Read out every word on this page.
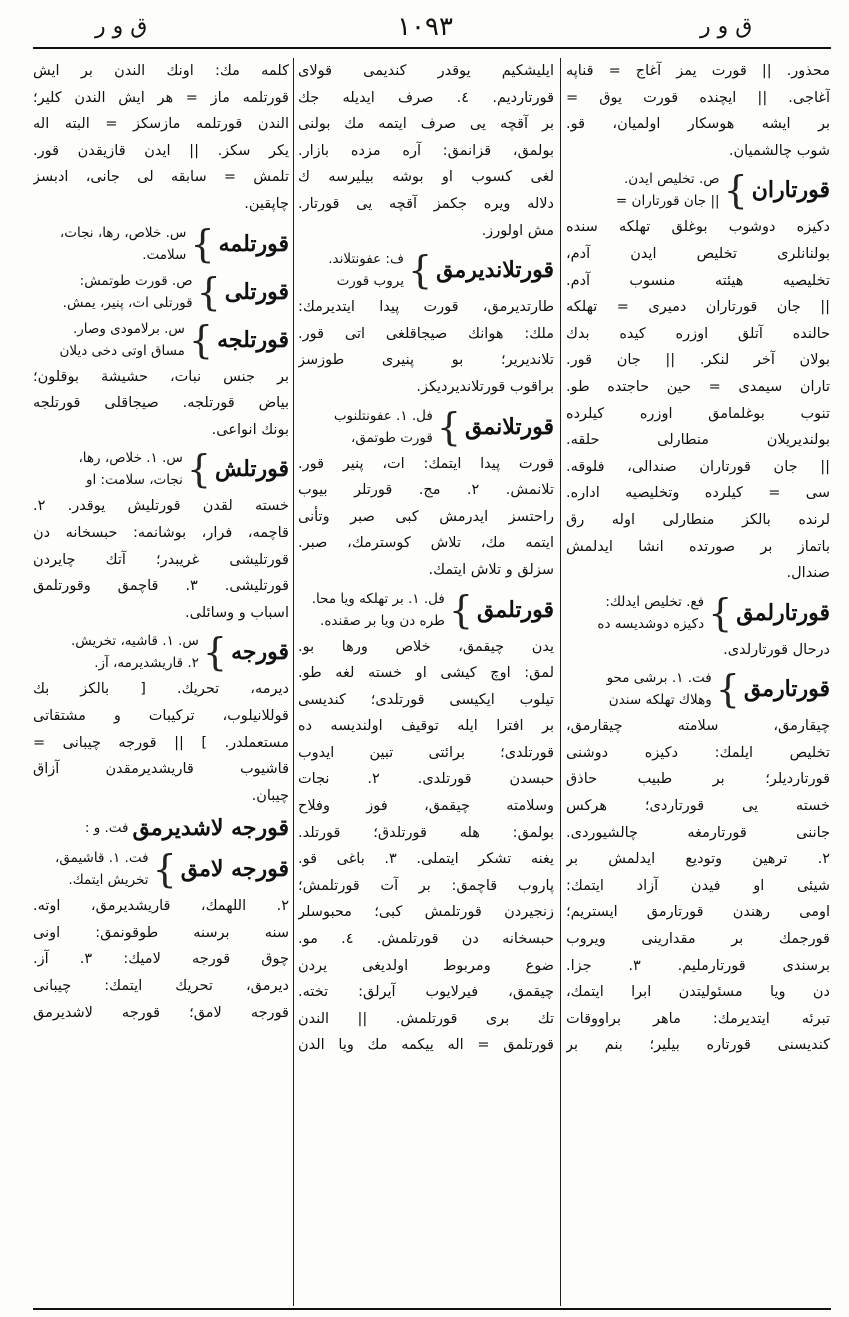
ق و ر	١٠٩٣	ق و ر
محذور. || قورت يمز آغاج = قناپه
آغاجى. || ايچنده قورت يوق =
بر ايشه هوسكار اولميان، قو.
شوب چالشميان.
قورتاران
}
ص. تخليص ايدن.
|| جان قورتاران =
دكيزه دوشوب بوغلق تهلكه سنده
بولنانلرى تخليص ايدن آدم،
تخليصيه هيئته منسوب آدم.
|| جان قورتاران دميرى = تهلكه
حالنده آتلق اوزره كيده بدك
بولان آخر لنكر. || جان قور.
تاران سيمدى = حين حاجتده طو.
تنوب بوغلمامق اوزره كيلرده
بولنديريلان منطارلى حلقه.
|| جان قورتاران صندالى، فلوقه.
سى = كيلرده وتخليصيه اداره.
لرنده بالكز منطارلى اوله رق
باتماز بر صورتده انشا ايدلمش
صندال.
قورتارلمق
}
فع. تخليص ايدلك:
دكيزه دوشديسه ده
درحال قورتارلدى.
قورتارمق
}
فت. ١. برشى محو
وهلاك تهلكه سندن
چيقارمق، سلامته چيقارمق،
تخليص ايلمك: دكيزه دوشنى
قورتارديلر؛ بر طبيب حاذق
خسته يى قورتاردى؛ هركس
جاننى قورتارمغه چالشيوردى.
٢. ترهين وتوديع ايدلمش بر
شيئى او فيدن آزاد ايتمك:
اومى رهندن قورتارمق ايستريم؛
قورجمك بر مقدارينى ويروب
برسندى قورتارمليم. ٣. جزا.
دن ويا مسئوليتدن ابرا ايتمك،
تبرئه ايتديرمك: ماهر براووقات
كنديسنى قورتاره بيلير؛ بنم بر
ايليشكيم يوقدر كنديمى قولاى
قورتارديم. ٤. صرف ايديله جك
بر آقچه يى صرف ايتمه مك بولنى
بولمق، قزانمق: آره مزده بازار.
لغى كسوب او بوشه بيليرسه ك
دلاله ويره جكمز آقچه يى قورتار.
مش اولورز.
قورتلانديرمق
}
ف: عفونتلاند.
يروب قورت
طارتديرمق، قورت پيدا ايتديرمك:
ملك: هوانك صيجاقلغى اتى قور.
تلانديرير؛ بو پنيرى طوزسز
براقوب قورتلانديرديكز.
قورتلانمق
}
فل. ١. عفونتلنوب
قورت طوتمق،
قورت پيدا ايتمك: ات، پنير قور.
تلانمش. ٢. مج. قورتلر بيوب
راحتسز ايدرمش كبى صبر وتأنى
ايتمه مك، تلاش كوسترمك، صبر.
سزلق و تلاش ايتمك.
قورتلمق
}
فل. ١. بر تهلكه ويا محا.
طره دن ويا بر صقنده.
يدن چيقمق، خلاص ورها بو.
لمق: اوچ كيشى او خسته لغه طو.
تيلوب ايكيسى قورتلدى؛ كنديسى
بر افترا ايله توقيف اولنديسه ده
قورتلدى؛ برائتى تبين ايدوب
حبسدن قورتلدى. ٢. نجات
وسلامته چيقمق، فوز وفلاح
بولمق: هله قورتلدق؛ قورتلد.
يغنه تشكر ايتملى. ٣. باغى قو.
پاروب قاچمق: بر آت قورتلمش؛
زنجيردن قورتلمش كبى؛ محبوسلر
حبسخانه دن قورتلمش. ٤. مو.
ضوع ومربوط اولديغى يردن
چيقمق، فيرلايوب آيرلق: تخته.
تك برى قورتلمش. || الندن
قورتلمق = اله ييكمه مك ويا الدن
كلمه مك: اونك الندن بر ايش
قورتلمه ماز = هر ايش الندن كلير؛
الندن قورتلمه مازسكز = البته اله
يكر سكز. || ايدن قازيقدن قور.
تلمش = سابقه لى جانى، ادبسز
چاپقين.
قورتلمه
}
س. خلاص، رها، نجات،
سلامت.
قورتلى
}
ص. قورت طوتمش:
قورتلى ات، پنير، يمش.
قورتلجه
}
س. برلامودى وصار.
مساق اوتى دخى ديلان
بر جنس نبات، حشيشة بوقلون؛
بياض قورتلجه. صيجاقلى قورتلجه
بونك انواعى.
قورتلش
}
س. ١. خلاص، رها،
نجات، سلامت: او
خسته لقدن قورتليش يوقدر. ٢.
قاچمه، فرار، بوشانمه: حبسخانه دن
قورتليشى غريبدر؛ آتك چايردن
قورتليشى. ٣. قاچمق وقورتلمق
اسباب و وسائلى.
قورجه
}
س. ١. قاشيه، تخريش.
٢. قاريشديرمه، آز.
ديرمه، تحريك. [ بالكز بك
قوللانيلوب، تركيبات و مشتقاتى
مستعملدر. ] || قورجه چيبانى =
قاشيوب قاريشديرمقدن آزاق
چيبان.
قورجه لاشديرمق
فت. و :
قورجه لامق
}
فت. ١. قاشيمق،
تخريش ايتمك.
٢. اللهمك، قاريشديرمق، اوته.
سنه برسنه طوقونمق: اونى
چوق قورجه لاميك: ٣. آز.
ديرمق، تحريك ايتمك: چيبانى
قورجه لامق؛ قورجه لاشديرمق
